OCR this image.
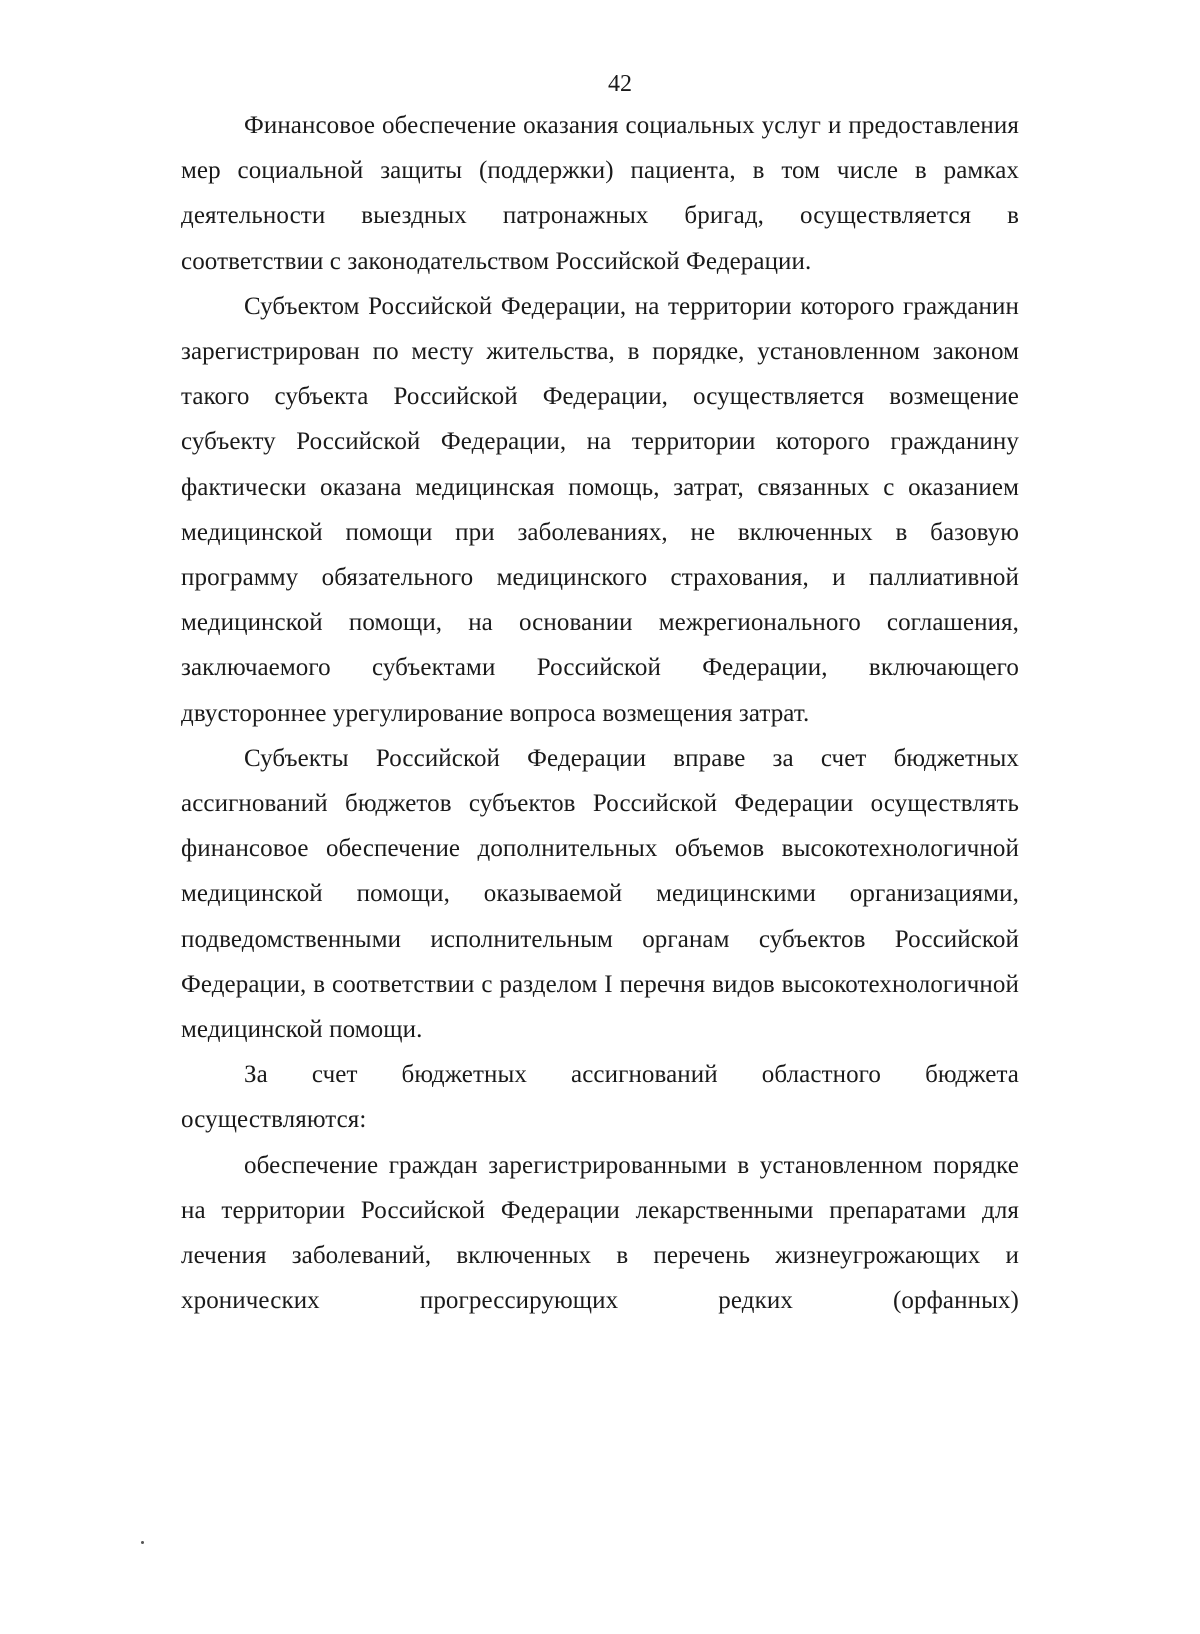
42

Финансовое обеспечение оказания социальных услуг и предоставления мер социальной защиты (поддержки) пациента, в том числе в рамках деятельности выездных патронажных бригад, осуществляется в соответствии с законодательством Российской Федерации.

Субъектом Российской Федерации, на территории которого гражданин зарегистрирован по месту жительства, в порядке, установленном законом такого субъекта Российской Федерации, осуществляется возмещение субъекту Российской Федерации, на территории которого гражданину фактически оказана медицинская помощь, затрат, связанных с оказанием медицинской помощи при заболеваниях, не включенных в базовую программу обязательного медицинского страхования, и паллиативной медицинской помощи, на основании межрегионального соглашения, заключаемого субъектами Российской Федерации, включающего двустороннее урегулирование вопроса возмещения затрат.

Субъекты Российской Федерации вправе за счет бюджетных ассигнований бюджетов субъектов Российской Федерации осуществлять финансовое обеспечение дополнительных объемов высокотехнологичной медицинской помощи, оказываемой медицинскими организациями, подведомственными исполнительным органам субъектов Российской Федерации, в соответствии с разделом I перечня видов высокотехнологичной медицинской помощи.

За счет бюджетных ассигнований областного бюджета осуществляются:

обеспечение граждан зарегистрированными в установленном порядке на территории Российской Федерации лекарственными препаратами для лечения заболеваний, включенных в перечень жизнеугрожающих и хронических прогрессирующих редких (орфанных)
